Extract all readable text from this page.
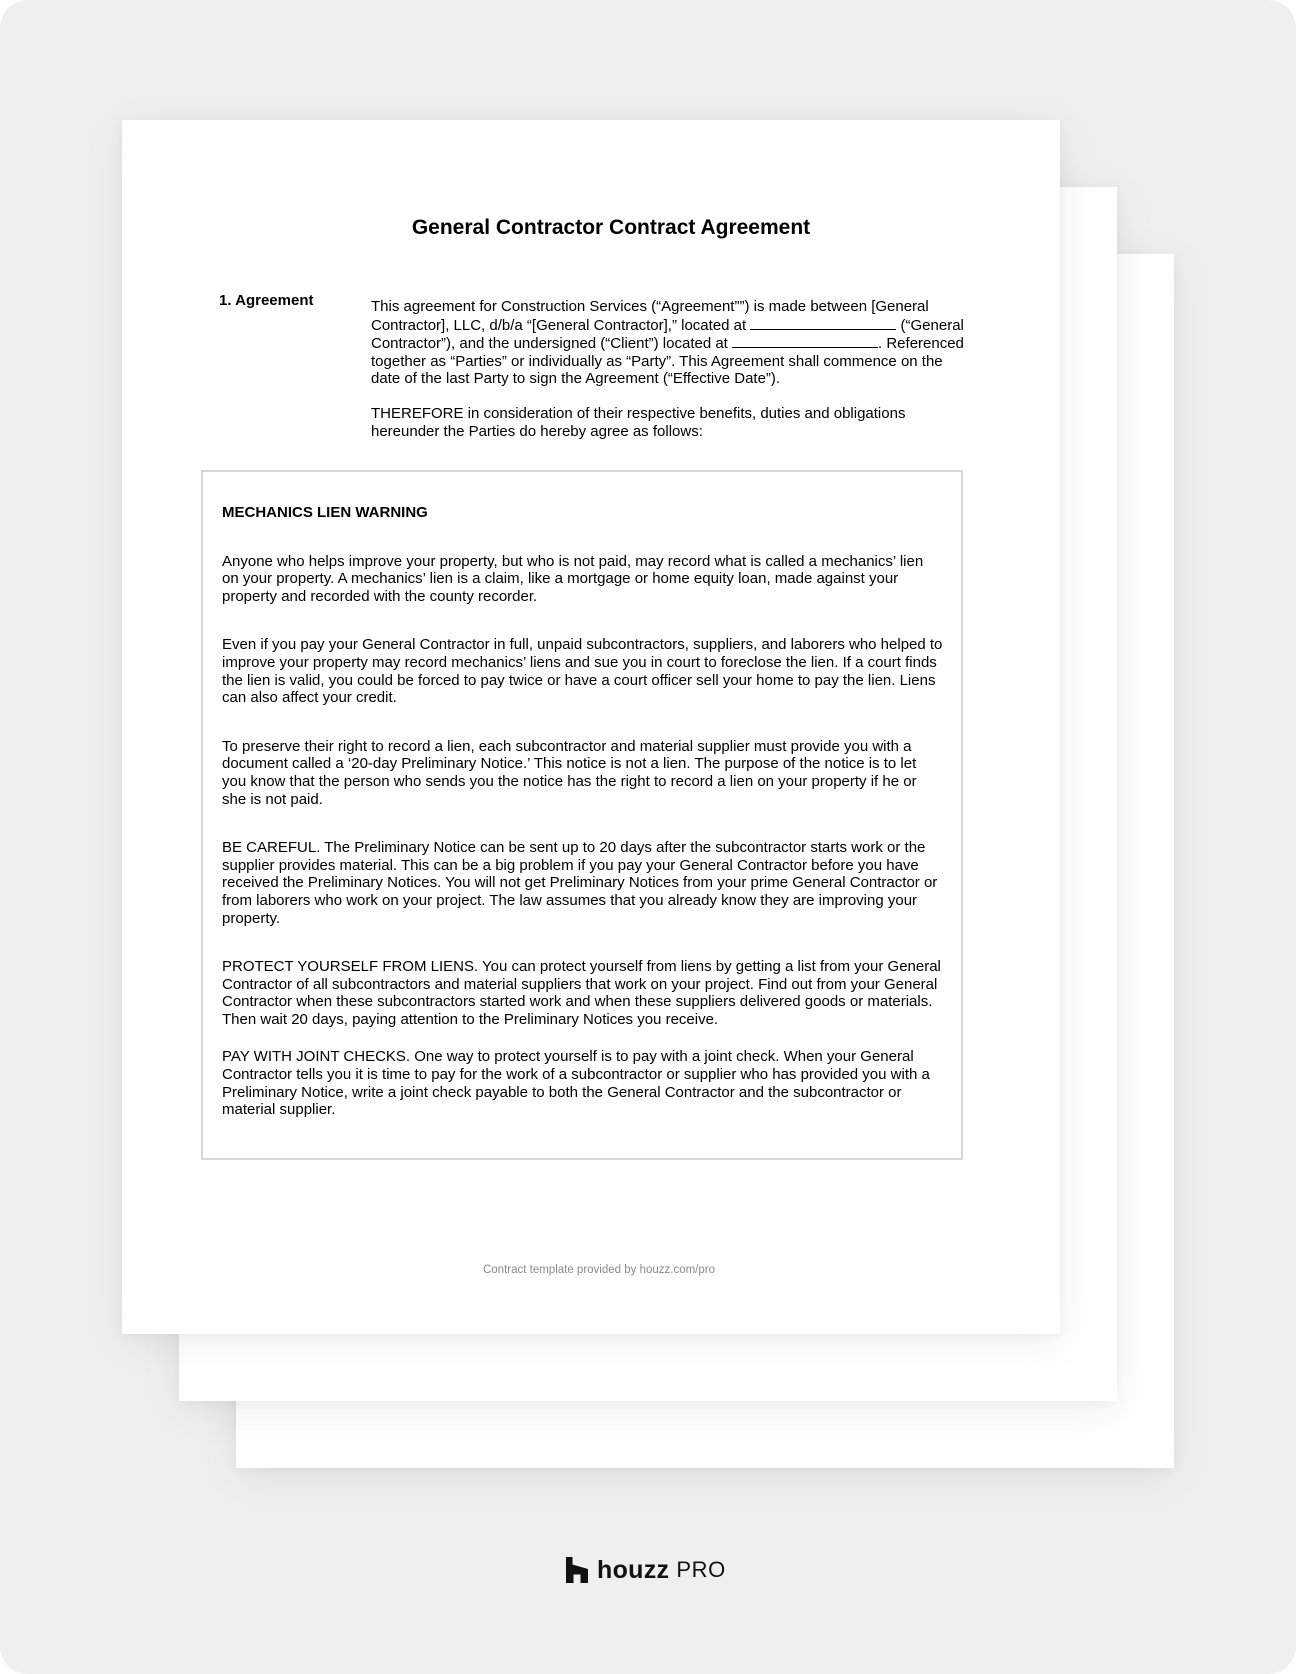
General Contractor Contract Agreement
1. Agreement	This agreement for Construction Services (“Agreement””) is made between [General Contractor], LLC, d/b/a “[General Contractor],” located at	(“General Contractor”), and the undersigned (“Client”) located at	. Referenced together as “Parties” or individually as “Party”. This Agreement shall commence on the date of the last Party to sign the Agreement (“Effective Date”).

THEREFORE in consideration of their respective benefits, duties and obligations hereunder the Parties do hereby agree as follows:

MECHANICS LIEN WARNING

Anyone who helps improve your property, but who is not paid, may record what is called a mechanics’ lien on your property. A mechanics’ lien is a claim, like a mortgage or home equity loan, made against your property and recorded with the county recorder.

Even if you pay your General Contractor in full, unpaid subcontractors, suppliers, and laborers who helped to improve your property may record mechanics’ liens and sue you in court to foreclose the lien. If a court finds the lien is valid, you could be forced to pay twice or have a court officer sell your home to pay the lien. Liens can also affect your credit.

To preserve their right to record a lien, each subcontractor and material supplier must provide you with a document called a ‘20-day Preliminary Notice.’ This notice is not a lien. The purpose of the notice is to let you know that the person who sends you the notice has the right to record a lien on your property if he or she is not paid.

BE CAREFUL. The Preliminary Notice can be sent up to 20 days after the subcontractor starts work or the supplier provides material. This can be a big problem if you pay your General Contractor before you have received the Preliminary Notices. You will not get Preliminary Notices from your prime General Contractor or from laborers who work on your project. The law assumes that you already know they are improving your property.

PROTECT YOURSELF FROM LIENS. You can protect yourself from liens by getting a list from your General Contractor of all subcontractors and material suppliers that work on your project. Find out from your General Contractor when these subcontractors started work and when these suppliers delivered goods or materials. Then wait 20 days, paying attention to the Preliminary Notices you receive.

PAY WITH JOINT CHECKS. One way to protect yourself is to pay with a joint check. When your General Contractor tells you it is time to pay for the work of a subcontractor or supplier who has provided you with a Preliminary Notice, write a joint check payable to both the General Contractor and the subcontractor or material supplier.

Contract template provided by houzz.com/pro
houzz PRO
